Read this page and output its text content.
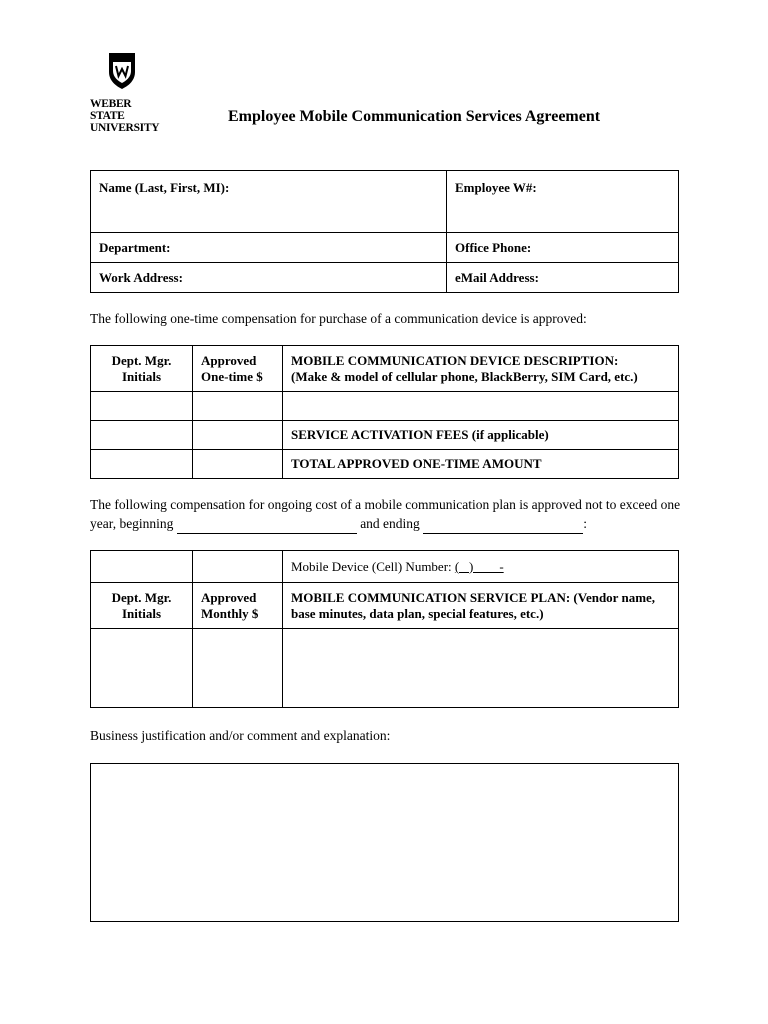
WEBER STATE
UNIVERSITY
Employee Mobile Communication Services Agreement
Name (Last, First, MI):	Employee W#:
Department:	Office Phone:
Work Address:	eMail Address:
The following one-time compensation for purchase of a communication device is approved:
Dept. Mgr. Initials	Approved One-time $	MOBILE COMMUNICATION DEVICE DESCRIPTION:
(Make & model of cellular phone, BlackBerry, SIM Card, etc.)

		SERVICE ACTIVATION FEES (if applicable)
		TOTAL APPROVED ONE-TIME AMOUNT
The following compensation for ongoing cost of a mobile communication plan is approved not to exceed one year, beginning	and ending	:
		Mobile Device (Cell) Number: (   )        -
Dept. Mgr. Initials	Approved Monthly $	MOBILE COMMUNICATION SERVICE PLAN: (Vendor name, base minutes, data plan, special features, etc.)

Business justification and/or comment and explanation:
